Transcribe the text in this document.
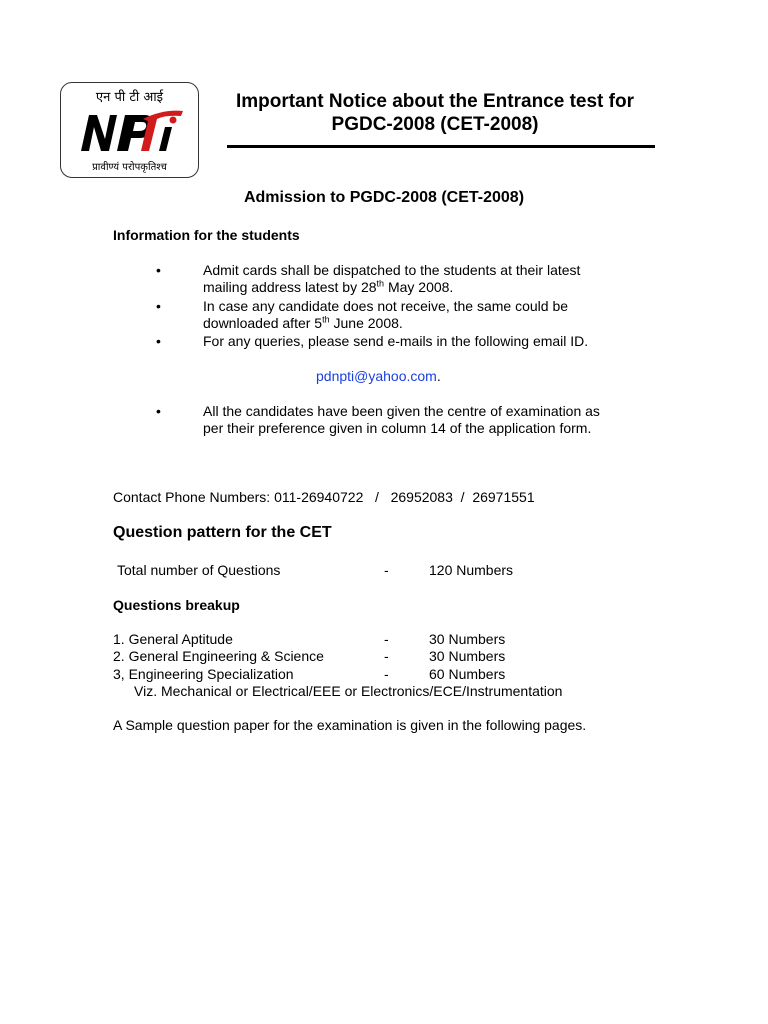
एन पी टी आई
प्रावीण्यं परोपकृतिश्च
Important Notice about the Entrance test for
PGDC-2008 (CET-2008)
Admission to PGDC-2008 (CET-2008)
Information for the students
•	Admit cards shall be dispatched to the students at their latest
mailing address latest by 28th May 2008.
•	In case any candidate does not receive, the same could be
downloaded after 5th June 2008.
•	For any queries, please send e-mails in the following email ID.
pdnpti@yahoo.com.
•	All the candidates have been given the centre of examination as
per their preference given in column 14 of the application form.
Contact Phone Numbers: 011-26940722   /   26952083  /  26971551
Question pattern for the CET
Total number of Questions	-	120 Numbers
Questions breakup
1. General Aptitude	-	30 Numbers
2. General Engineering & Science	-	30 Numbers
3, Engineering Specialization	-	60 Numbers
Viz. Mechanical or Electrical/EEE or Electronics/ECE/Instrumentation
A Sample question paper for the examination is given in the following pages.
